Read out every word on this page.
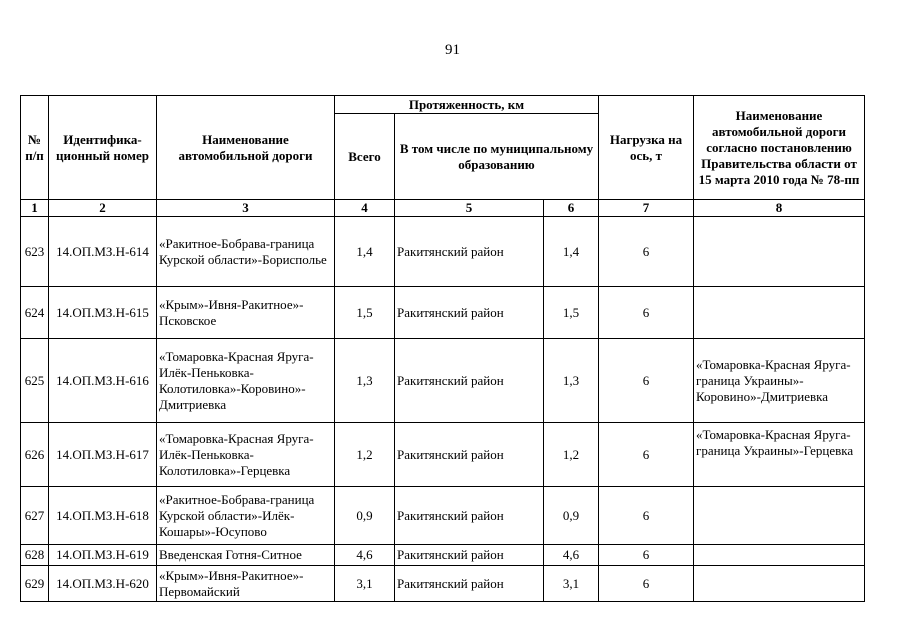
91
№ п/п	Идентифика-ционный номер	Наименование автомобильной дороги	Протяженность, км			Нагрузка на ось, т	Наименование автомобильной дороги согласно постановлению Правительства области от 15 марта 2010 года № 78-пп
			Всего	В том числе по муниципальному образованию			
1	2	3	4	5	6	7	8
623	14.ОП.МЗ.Н-614	«Ракитное-Бобрава-граница Курской области»-Борисполье	1,4	Ракитянский район	1,4	6	
624	14.ОП.МЗ.Н-615	«Крым»-Ивня-Ракитное»-Псковское	1,5	Ракитянский район	1,5	6	
625	14.ОП.МЗ.Н-616	«Томаровка-Красная Яруга-Илёк-Пеньковка-Колотиловка»-Коровино»-Дмитриевка	1,3	Ракитянский район	1,3	6	«Томаровка-Красная Яруга-граница Украины»-Коровино»-Дмитриевка
626	14.ОП.МЗ.Н-617	«Томаровка-Красная Яруга-Илёк-Пеньковка-Колотиловка»-Герцевка	1,2	Ракитянский район	1,2	6	«Томаровка-Красная Яруга-граница Украины»-Герцевка
627	14.ОП.МЗ.Н-618	«Ракитное-Бобрава-граница Курской области»-Илёк-Кошары»-Юсупово	0,9	Ракитянский район	0,9	6	
628	14.ОП.МЗ.Н-619	Введенская Готня-Ситное	4,6	Ракитянский район	4,6	6	
629	14.ОП.МЗ.Н-620	«Крым»-Ивня-Ракитное»-Первомайский	3,1	Ракитянский район	3,1	6	
